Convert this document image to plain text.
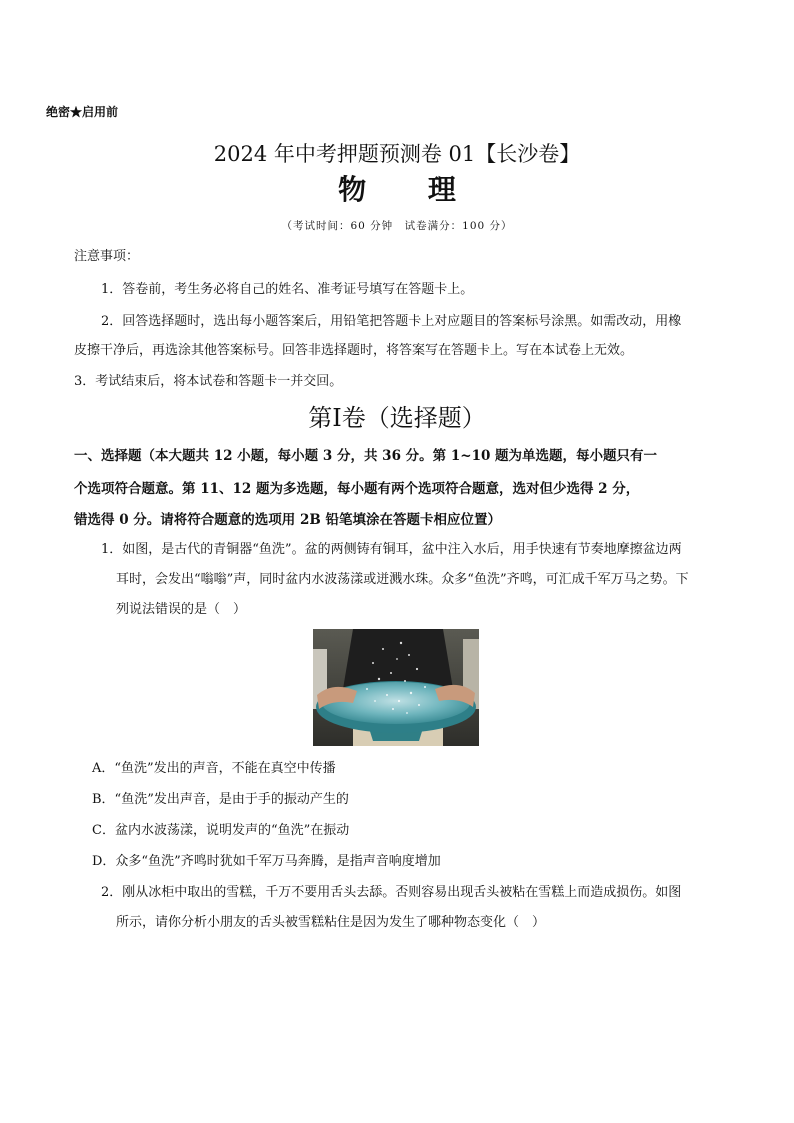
绝密★启用前
2024 年中考押题预测卷 01【长沙卷】
物 理
（考试时间：60 分钟　试卷满分：100 分）
注意事项：
1．答卷前，考生务必将自己的姓名、准考证号填写在答题卡上。
2．回答选择题时，选出每小题答案后，用铅笔把答题卡上对应题目的答案标号涂黑。如需改动，用橡
皮擦干净后，再选涂其他答案标号。回答非选择题时，将答案写在答题卡上。写在本试卷上无效。
3．考试结束后，将本试卷和答题卡一并交回。
第Ⅰ卷（选择题）
一、选择题（本大题共 12 小题，每小题 3 分，共 36 分。第 1~10 题为单选题，每小题只有一
个选项符合题意。第 11、12 题为多选题，每小题有两个选项符合题意，选对但少选得 2 分，
错选得 0 分。请将符合题意的选项用 2B 铅笔填涂在答题卡相应位置）
1．如图，是古代的青铜器“鱼洗”。盆的两侧铸有铜耳，盆中注入水后，用手快速有节奏地摩擦盆边两
耳时，会发出“嗡嗡”声，同时盆内水波荡漾或迸溅水珠。众多“鱼洗”齐鸣，可汇成千军万马之势。下
列说法错误的是（　）
A．“鱼洗”发出的声音，不能在真空中传播
B．“鱼洗”发出声音，是由于手的振动产生的
C．盆内水波荡漾，说明发声的“鱼洗”在振动
D．众多“鱼洗”齐鸣时犹如千军万马奔腾，是指声音响度增加
2．刚从冰柜中取出的雪糕，千万不要用舌头去舔。否则容易出现舌头被粘在雪糕上而造成损伤。如图
所示，请你分析小朋友的舌头被雪糕粘住是因为发生了哪种物态变化（　）
